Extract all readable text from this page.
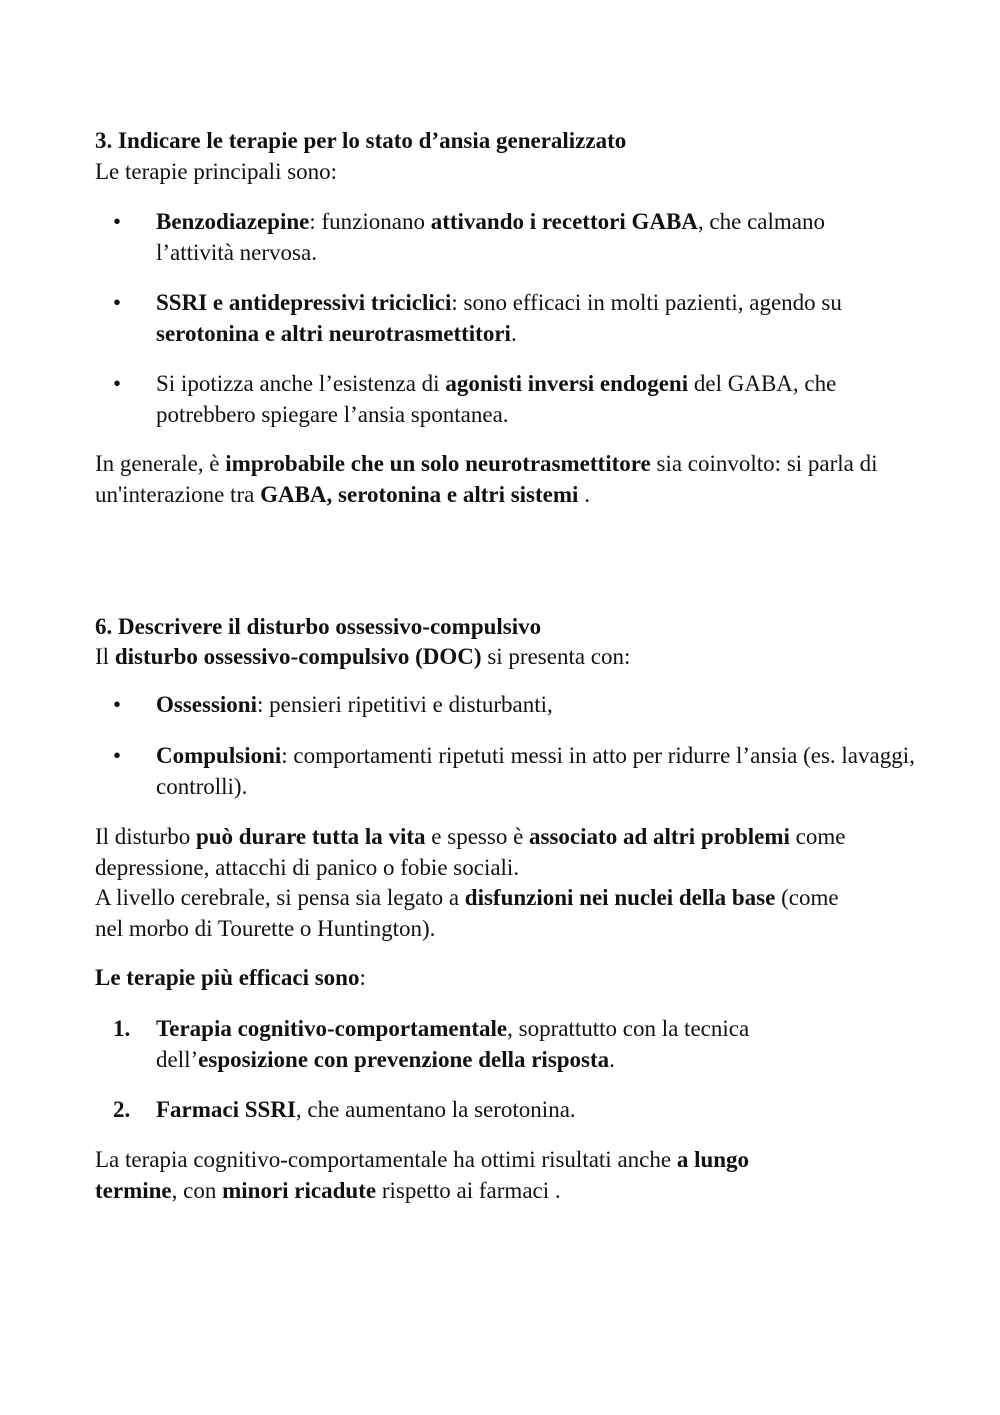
3. Indicare le terapie per lo stato d’ansia generalizzato
Le terapie principali sono:
• Benzodiazepine: funzionano attivando i recettori GABA, che calmano l’attività nervosa.
• SSRI e antidepressivi triciclici: sono efficaci in molti pazienti, agendo su serotonina e altri neurotrasmettitori.
• Si ipotizza anche l’esistenza di agonisti inversi endogeni del GABA, che potrebbero spiegare l’ansia spontanea.
In generale, è improbabile che un solo neurotrasmettitore sia coinvolto: si parla di un'interazione tra GABA, serotonina e altri sistemi .
6. Descrivere il disturbo ossessivo-compulsivo
Il disturbo ossessivo-compulsivo (DOC) si presenta con:
• Ossessioni: pensieri ripetitivi e disturbanti,
• Compulsioni: comportamenti ripetuti messi in atto per ridurre l’ansia (es. lavaggi, controlli).
Il disturbo può durare tutta la vita e spesso è associato ad altri problemi come depressione, attacchi di panico o fobie sociali.
A livello cerebrale, si pensa sia legato a disfunzioni nei nuclei della base (come nel morbo di Tourette o Huntington).
Le terapie più efficaci sono:
1. Terapia cognitivo-comportamentale, soprattutto con la tecnica dell’esposizione con prevenzione della risposta.
2. Farmaci SSRI, che aumentano la serotonina.
La terapia cognitivo-comportamentale ha ottimi risultati anche a lungo termine, con minori ricadute rispetto ai farmaci .
